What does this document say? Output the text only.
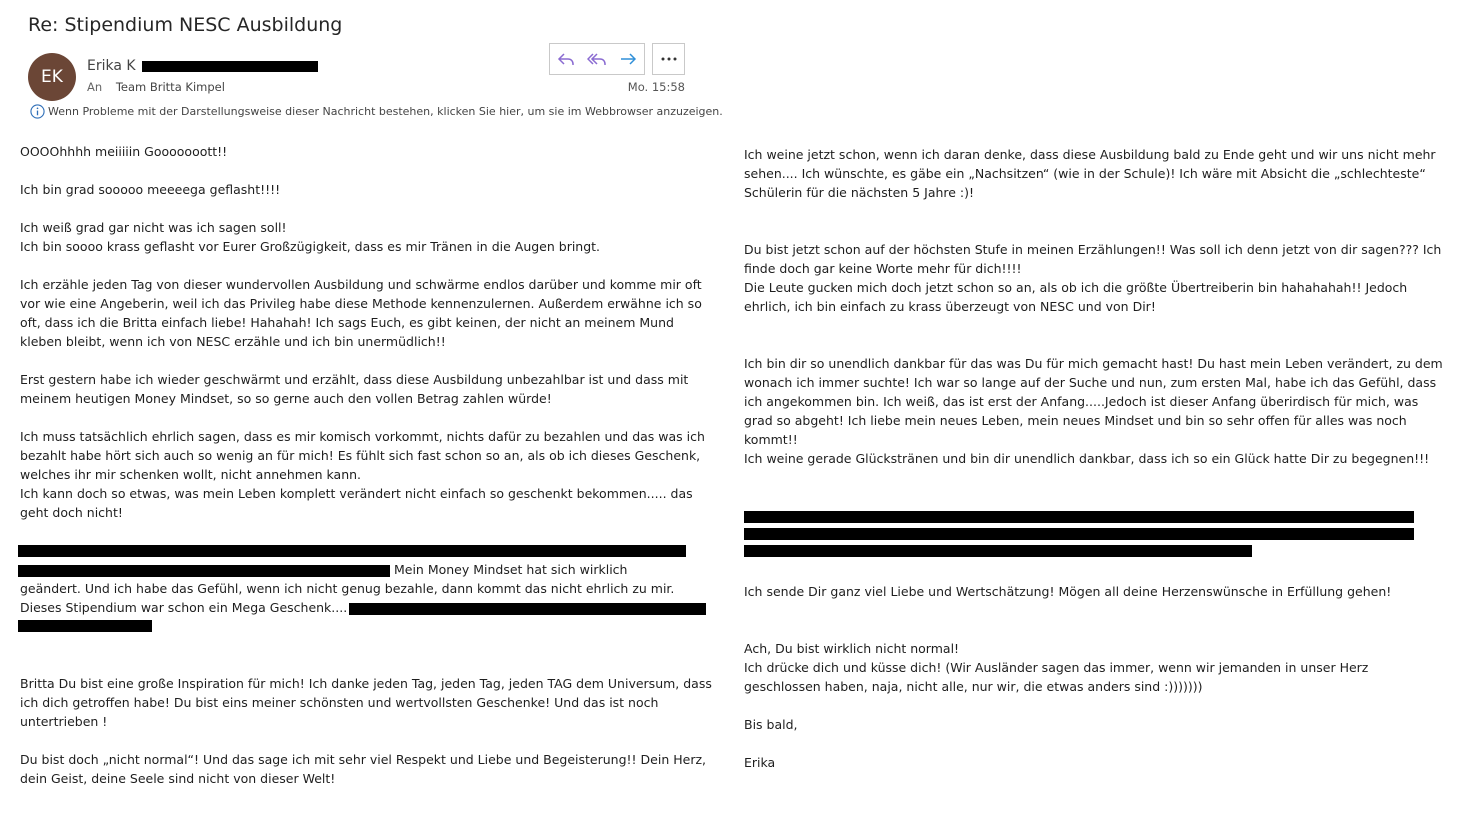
Re: Stipendium NESC Ausbildung
EK
Erika K
An Team Britta Kimpel	Mo. 15:58
Wenn Probleme mit der Darstellungsweise dieser Nachricht bestehen, klicken Sie hier, um sie im Webbrowser anzuzeigen.

OOOOhhhh meiiiiin Gooooooott!!

Ich bin grad sooooo meeeega geflasht!!!!

Ich weiß grad gar nicht was ich sagen soll!

Ich bin soooo krass geflasht vor Eurer Großzügigkeit, dass es mir Tränen in die Augen bringt.

Ich erzähle jeden Tag von dieser wundervollen Ausbildung und schwärme endlos darüber und komme mir oft

vor wie eine Angeberin, weil ich das Privileg habe diese Methode kennenzulernen. Außerdem erwähne ich so

oft, dass ich die Britta einfach liebe! Hahahah! Ich sags Euch, es gibt keinen, der nicht an meinem Mund

kleben bleibt, wenn ich von NESC erzähle und ich bin unermüdlich!!

Erst gestern habe ich wieder geschwärmt und erzählt, dass diese Ausbildung unbezahlbar ist und dass mit

meinem heutigen Money Mindset, so so gerne auch den vollen Betrag zahlen würde!

Ich muss tatsächlich ehrlich sagen, dass es mir komisch vorkommt, nichts dafür zu bezahlen und das was ich

bezahlt habe hört sich auch so wenig an für mich! Es fühlt sich fast schon so an, als ob ich dieses Geschenk,

welches ihr mir schenken wollt, nicht annehmen kann.

Ich kann doch so etwas, was mein Leben komplett verändert nicht einfach so geschenkt bekommen..... das

geht doch nicht!

Mein Money Mindset hat sich wirklich

geändert. Und ich habe das Gefühl, wenn ich nicht genug bezahle, dann kommt das nicht ehrlich zu mir.

Dieses Stipendium war schon ein Mega Geschenk....

Britta Du bist eine große Inspiration für mich! Ich danke jeden Tag, jeden Tag, jeden TAG dem Universum, dass

ich dich getroffen habe! Du bist eins meiner schönsten und wertvollsten Geschenke! Und das ist noch

untertrieben !

Du bist doch „nicht normal“! Und das sage ich mit sehr viel Respekt und Liebe und Begeisterung!! Dein Herz,

dein Geist, deine Seele sind nicht von dieser Welt!

Ich weine jetzt schon, wenn ich daran denke, dass diese Ausbildung bald zu Ende geht und wir uns nicht mehr

sehen.... Ich wünschte, es gäbe ein „Nachsitzen“ (wie in der Schule)! Ich wäre mit Absicht die „schlechteste“

Schülerin für die nächsten 5 Jahre :)!

Du bist jetzt schon auf der höchsten Stufe in meinen Erzählungen!! Was soll ich denn jetzt von dir sagen??? Ich

finde doch gar keine Worte mehr für dich!!!!

Die Leute gucken mich doch jetzt schon so an, als ob ich die größte Übertreiberin bin hahahahah!! Jedoch

ehrlich, ich bin einfach zu krass überzeugt von NESC und von Dir!

Ich bin dir so unendlich dankbar für das was Du für mich gemacht hast! Du hast mein Leben verändert, zu dem

wonach ich immer suchte! Ich war so lange auf der Suche und nun, zum ersten Mal, habe ich das Gefühl, dass

ich angekommen bin. Ich weiß, das ist erst der Anfang.....Jedoch ist dieser Anfang überirdisch für mich, was

grad so abgeht! Ich liebe mein neues Leben, mein neues Mindset und bin so sehr offen für alles was noch

kommt!!

Ich weine gerade Glückstränen und bin dir unendlich dankbar, dass ich so ein Glück hatte Dir zu begegnen!!!

Ich sende Dir ganz viel Liebe und Wertschätzung! Mögen all deine Herzenswünsche in Erfüllung gehen!

Ach, Du bist wirklich nicht normal!

Ich drücke dich und küsse dich! (Wir Ausländer sagen das immer, wenn wir jemanden in unser Herz

geschlossen haben, naja, nicht alle, nur wir, die etwas anders sind :)))))))

Bis bald,

Erika
